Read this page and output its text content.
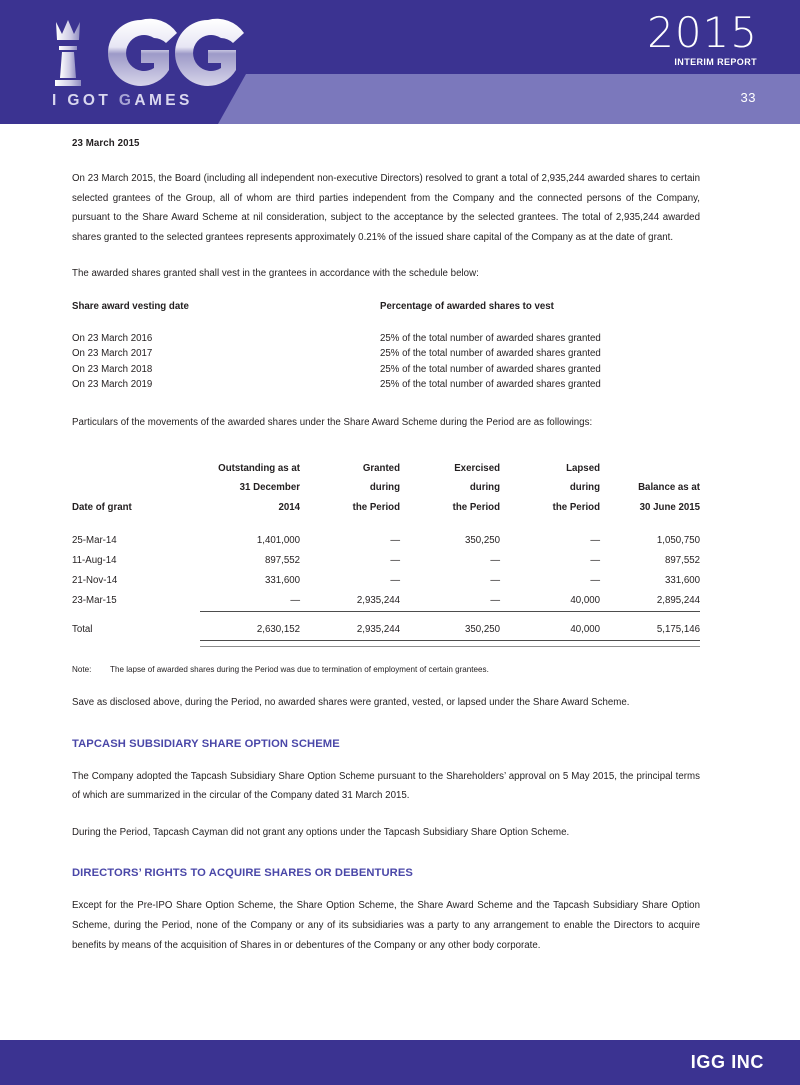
I GOT GAMES
2015
INTERIM REPORT
33
23 March 2015

On 23 March 2015, the Board (including all independent non-executive Directors) resolved to grant a total of 2,935,244 awarded shares to certain selected grantees of the Group, all of whom are third parties independent from the Company and the connected persons of the Company, pursuant to the Share Award Scheme at nil consideration, subject to the acceptance by the selected grantees. The total of 2,935,244 awarded shares granted to the selected grantees represents approximately 0.21% of the issued share capital of the Company as at the date of grant.

The awarded shares granted shall vest in the grantees in accordance with the schedule below:

Share award vesting date	Percentage of awarded shares to vest
On 23 March 2016	25% of the total number of awarded shares granted
On 23 March 2017	25% of the total number of awarded shares granted
On 23 March 2018	25% of the total number of awarded shares granted
On 23 March 2019	25% of the total number of awarded shares granted

Particulars of the movements of the awarded shares under the Share Award Scheme during the Period are as followings:

	Outstanding as at	Granted	Exercised	Lapsed	
	31 December	during	during	during	Balance as at
Date of grant	2014	the Period	the Period	the Period	30 June 2015

25-Mar-14	1,401,000	—	350,250	—	1,050,750
11-Aug-14	897,552	—	—	—	897,552
21-Nov-14	331,600	—	—	—	331,600
23-Mar-15	—	2,935,244	—	40,000	2,895,244

Total	2,630,152	2,935,244	350,250	40,000	5,175,146

Note:	The lapse of awarded shares during the Period was due to termination of employment of certain grantees.

Save as disclosed above, during the Period, no awarded shares were granted, vested, or lapsed under the Share Award Scheme.

TAPCASH SUBSIDIARY SHARE OPTION SCHEME

The Company adopted the Tapcash Subsidiary Share Option Scheme pursuant to the Shareholders’ approval on 5 May 2015, the principal terms of which are summarized in the circular of the Company dated 31 March 2015.

During the Period, Tapcash Cayman did not grant any options under the Tapcash Subsidiary Share Option Scheme.

DIRECTORS’ RIGHTS TO ACQUIRE SHARES OR DEBENTURES

Except for the Pre-IPO Share Option Scheme, the Share Option Scheme, the Share Award Scheme and the Tapcash Subsidiary Share Option Scheme, during the Period, none of the Company or any of its subsidiaries was a party to any arrangement to enable the Directors to acquire benefits by means of the acquisition of Shares in or debentures of the Company or any other body corporate.

IGG INC
